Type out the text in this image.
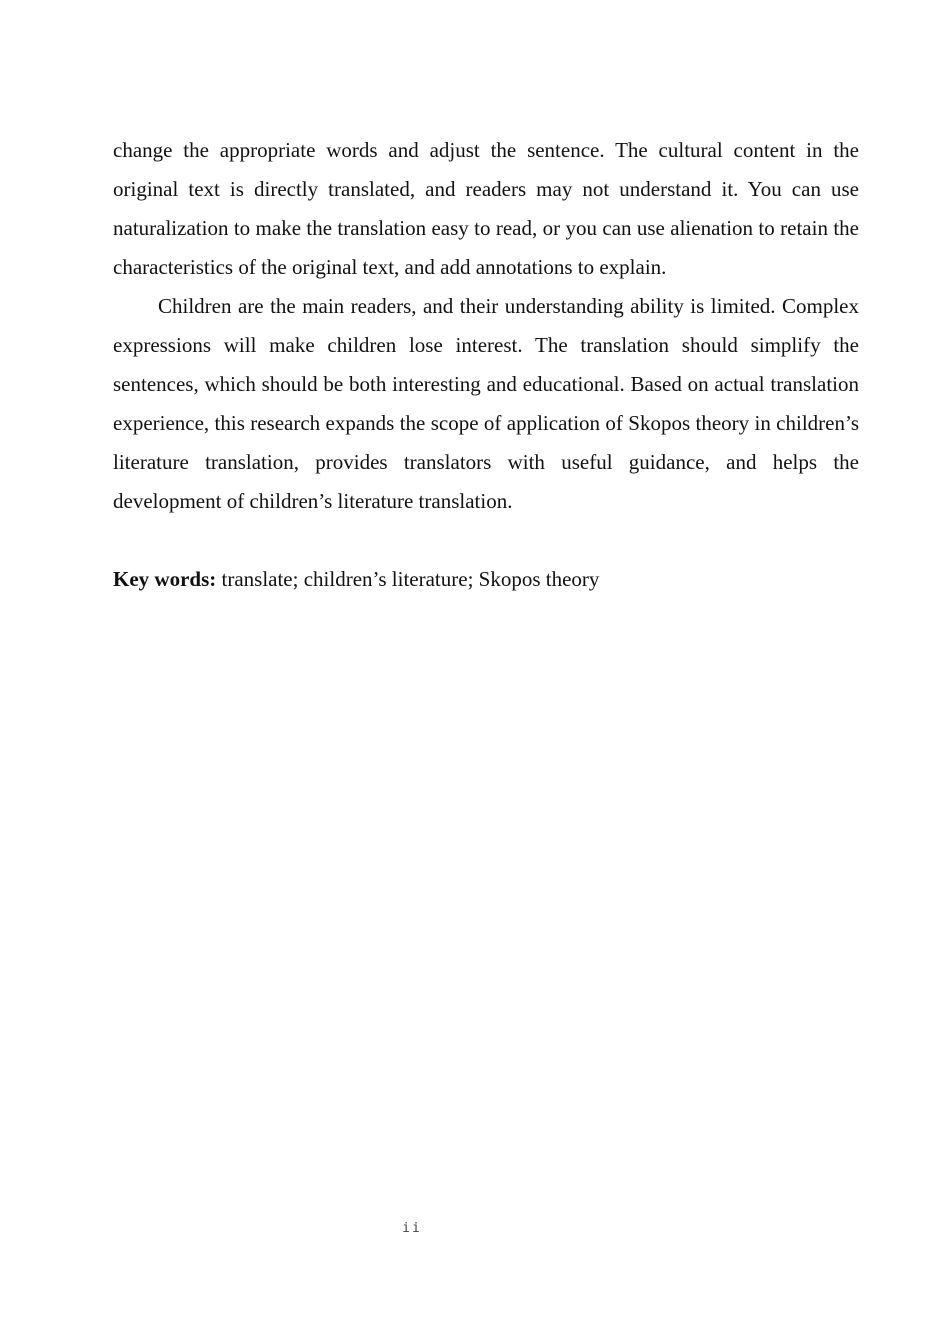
change the appropriate words and adjust the sentence. The cultural content in the original text is directly translated, and readers may not understand it. You can use naturalization to make the translation easy to read, or you can use alienation to retain the characteristics of the original text, and add annotations to explain.

Children are the main readers, and their understanding ability is limited. Complex expressions will make children lose interest. The translation should simplify the sentences, which should be both interesting and educational. Based on actual translation experience, this research expands the scope of application of Skopos theory in children’s literature translation, provides translators with useful guidance, and helps the development of children’s literature translation.

Key words: translate; children’s literature; Skopos theory

ii
